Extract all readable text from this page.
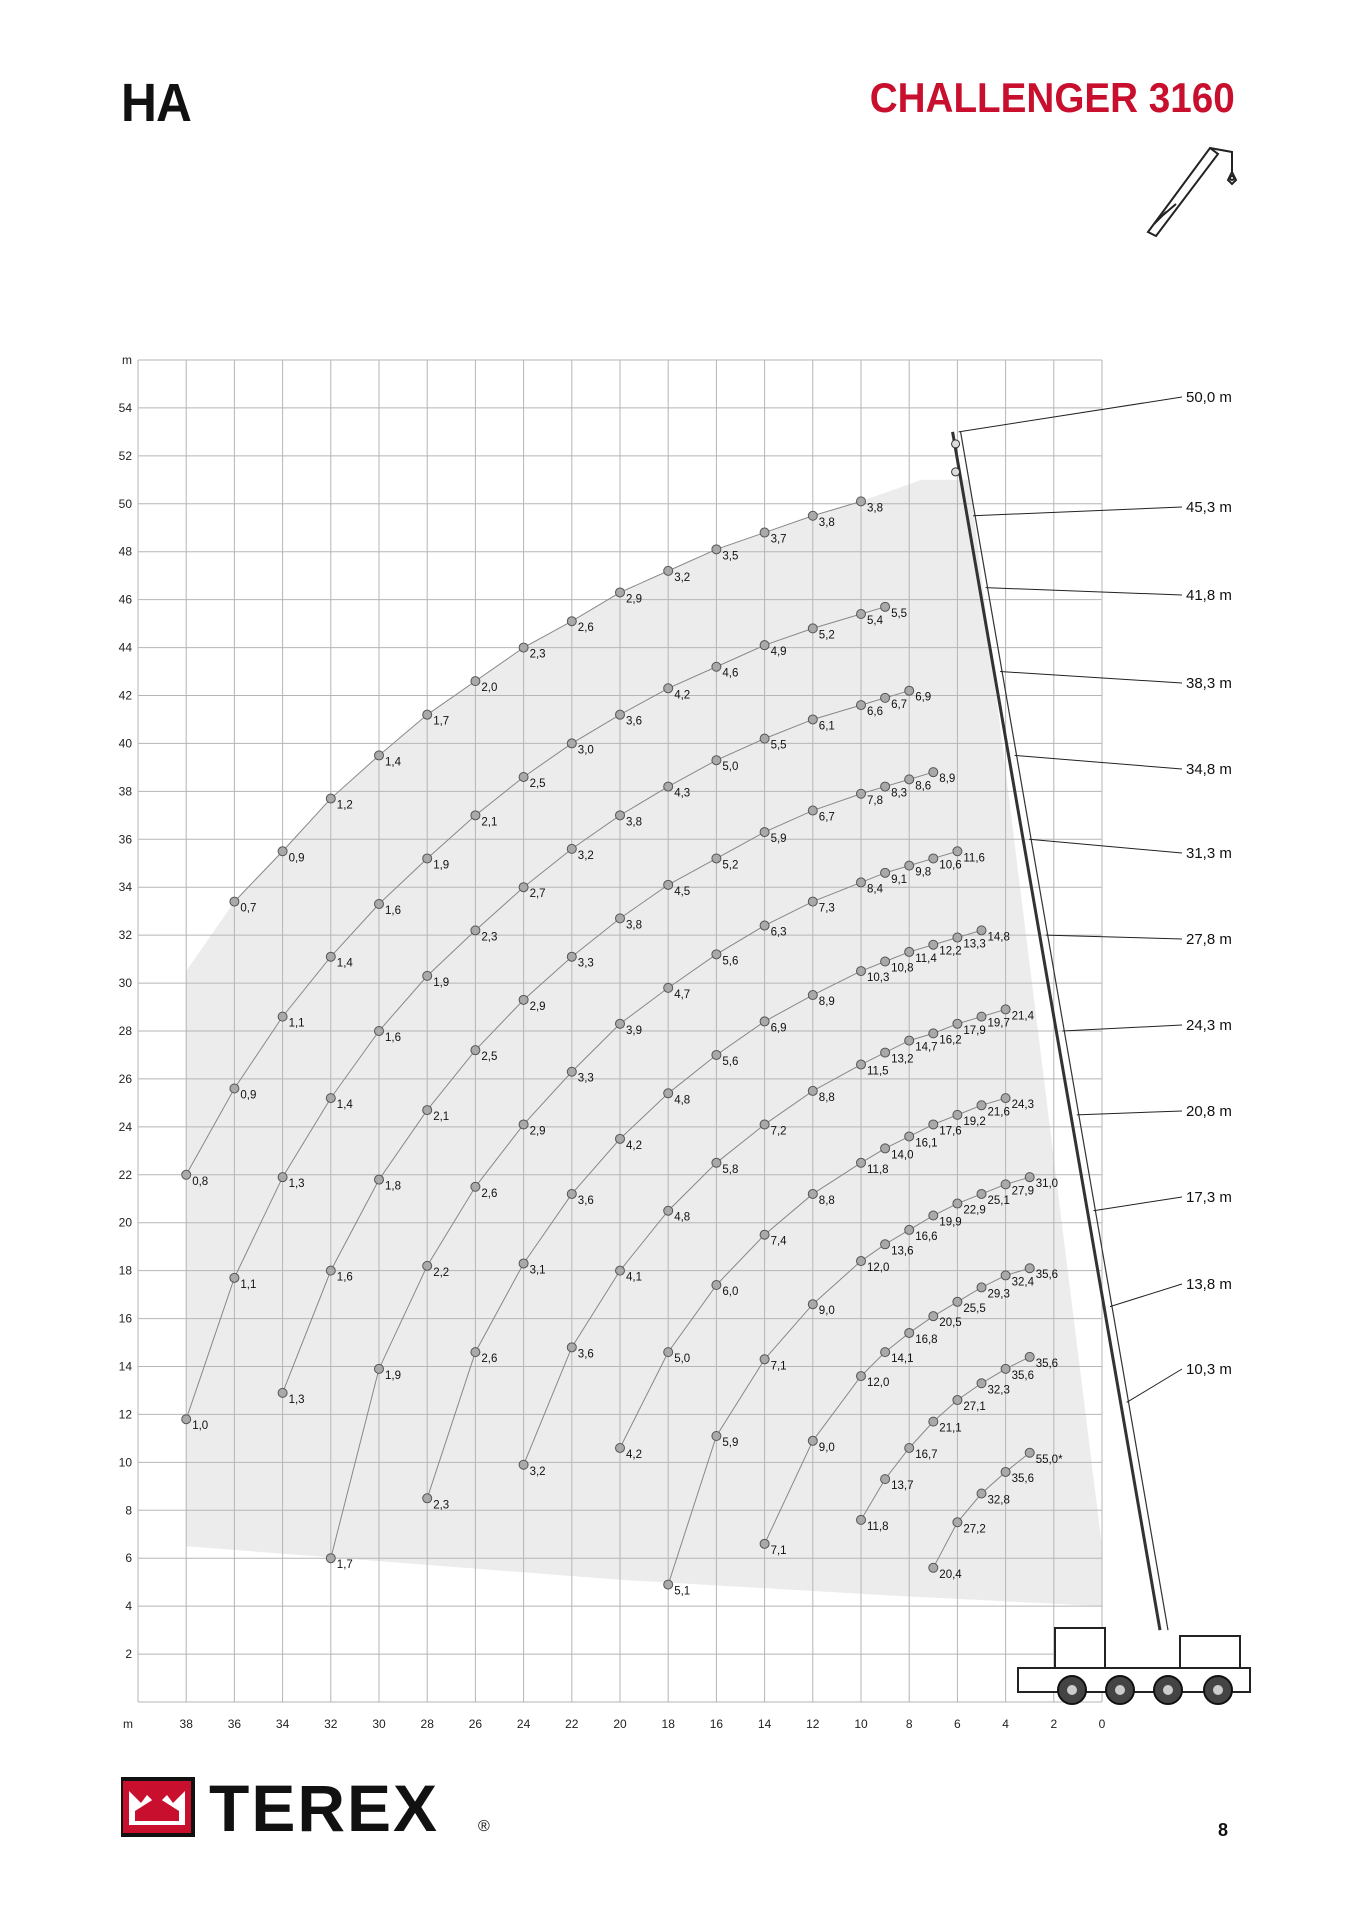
HA	CHALLENGER 3160
38	36	34	32	30	28	26	24	22	20	18	16	14	12	10	8	6	4	2	0
m
2
4
6
8
10
12
14
16
18
20
22
24
26
28
30
32
34
36
38
40
42
44
46
48
50
52
54
m
50,0 m
45,3 m
41,8 m
38,3 m
34,8 m
31,3 m
27,8 m
24,3 m
20,8 m
17,3 m
13,8 m
10,3 m
0,8
0,9
1,1
1,4
1,6
1,9
2,1
2,5
3,0
3,6
4,2
4,6
4,9
5,2
5,4
5,5
1,0
1,1
1,3
1,4
1,6
1,9
2,3
2,7
3,2
3,8
4,3
5,0
5,5
6,1
6,6
6,7
6,9
1,3
1,6
1,8
2,1
2,5
2,9
3,3
3,8
4,5
5,2
5,9
6,7
7,8
8,3
8,6
8,9
1,7
1,9
2,2
2,6
2,9
3,3
3,9
4,7
5,6
6,3
7,3
8,4
9,1
9,8
10,6
11,6
2,3
2,6
3,1
3,6
4,2
4,8
5,6
6,9
8,9
10,3
10,8
11,4
12,2
13,3
14,8
3,2
3,6
4,1
4,8
5,8
7,2
8,8
11,5
13,2
14,7
16,2
17,9
19,7
21,4
4,2
5,0
6,0
7,4
8,8
11,8
14,0
16,1
17,6
19,2
21,6
24,3
5,1
5,9
7,1
9,0
12,0
13,6
16,6
19,9
22,9
25,1
27,9
31,0
7,1
9,0
12,0
14,1
16,8
20,5
25,5
29,3
32,4
35,6
11,8
13,7
16,7
21,1
27,1
32,3
35,6
35,6
20,4
27,2
32,8
35,6
55,0*
0,7
0,9
1,2
1,4
1,7
2,0
2,3
2,6
2,9
3,2
3,5
3,7
3,8
3,8
TEREX ®	8
